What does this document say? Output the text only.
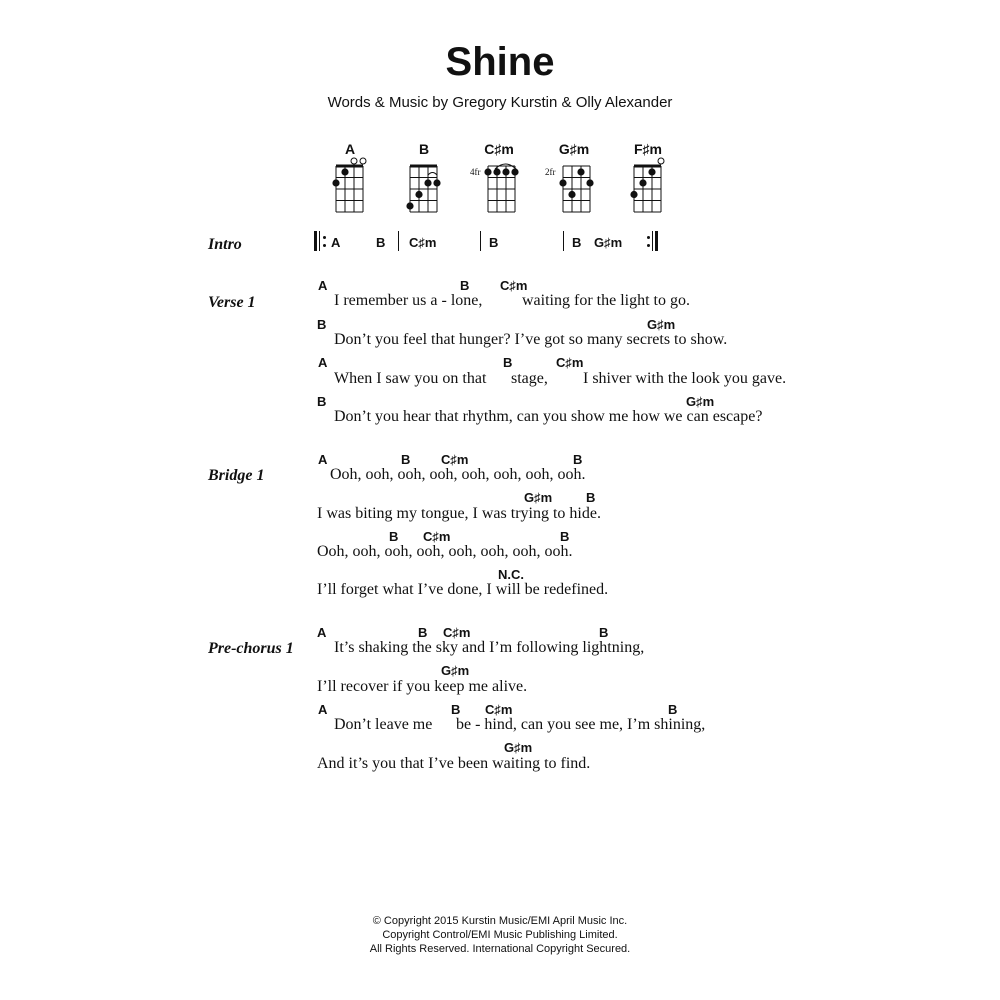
Shine
Words & Music by Gregory Kurstin & Olly Alexander
A	B	C♯m	G♯m	F♯m
4fr	2fr
Intro	A	B C♯m	B	B G♯m
Verse 1
A	B C♯m
I remember us a - lone, waiting for the light to go.
B	G♯m
Don’t you feel that hunger? I’ve got so many secrets to show.
A	B	C♯m
When I saw you on that stage, I shiver with the look you gave.
B	G♯m
Don’t you hear that rhythm, can you show me how we can escape?
Bridge 1
A	B C♯m	B
Ooh, ooh, ooh, ooh, ooh, ooh, ooh, ooh.
G♯m	B
I was biting my tongue, I was trying to hide.
B C♯m	B
Ooh, ooh, ooh, ooh, ooh, ooh, ooh, ooh.
N.C.
I’ll forget what I’ve done, I will be redefined.
Pre-chorus 1
A	B C♯m	B
It’s shaking the sky and I’m following lightning,
G♯m
I’ll recover if you keep me alive.
A	B C♯m	B
Don’t leave me be - hind, can you see me, I’m shining,
G♯m
And it’s you that I’ve been waiting to find.
© Copyright 2015 Kurstin Music/EMI April Music Inc.
Copyright Control/EMI Music Publishing Limited.
All Rights Reserved. International Copyright Secured.
